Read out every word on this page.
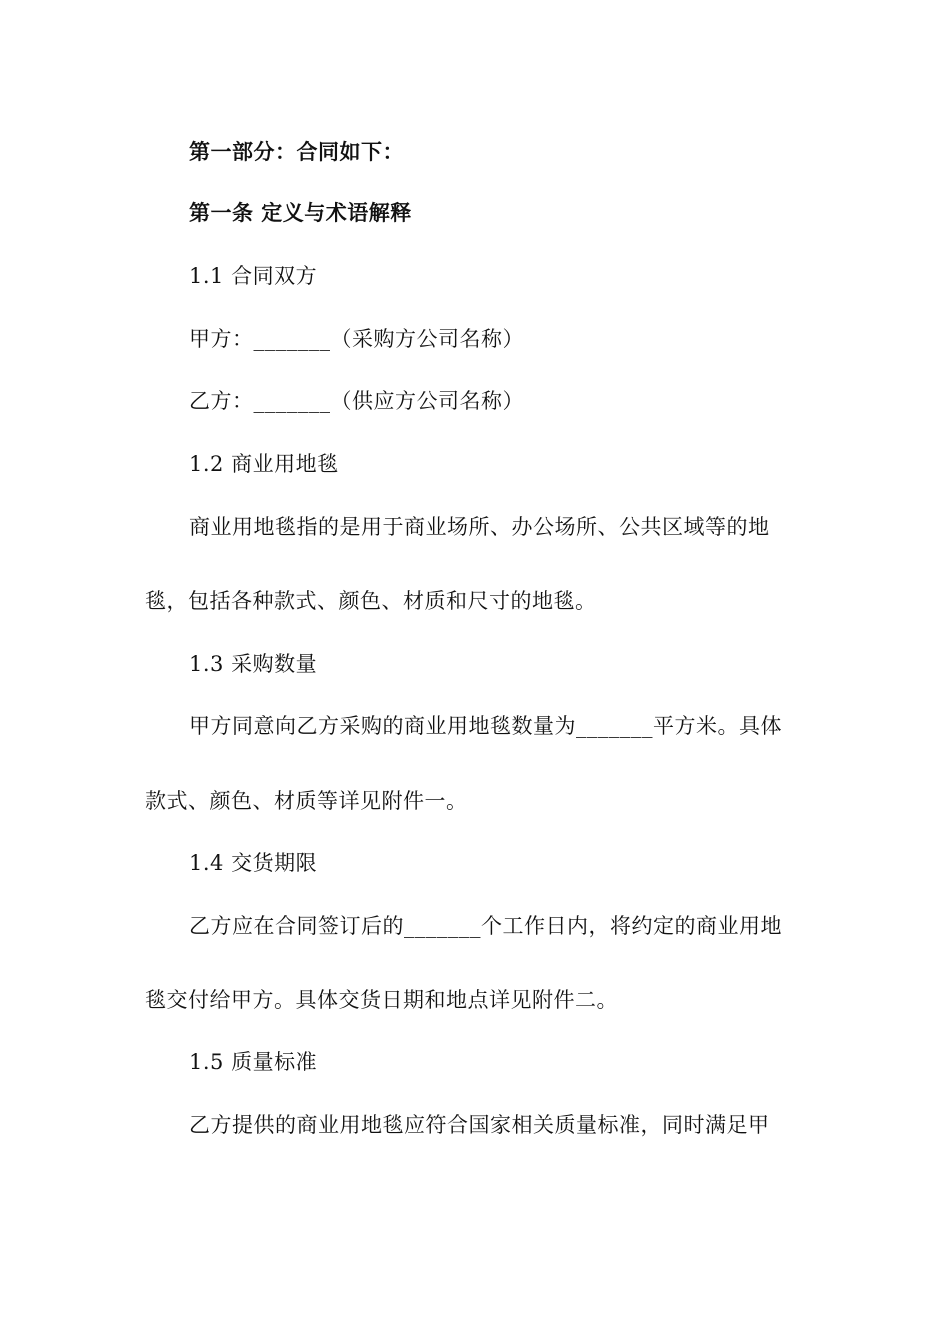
第一部分：合同如下：
第一条 定义与术语解释
1.1 合同双方
甲方：_______（采购方公司名称）
乙方：_______（供应方公司名称）
1.2 商业用地毯
商业用地毯指的是用于商业场所、办公场所、公共区域等的地
毯，包括各种款式、颜色、材质和尺寸的地毯。
1.3 采购数量
甲方同意向乙方采购的商业用地毯数量为_______平方米。具体
款式、颜色、材质等详见附件一。
1.4 交货期限
乙方应在合同签订后的_______个工作日内，将约定的商业用地
毯交付给甲方。具体交货日期和地点详见附件二。
1.5 质量标准
乙方提供的商业用地毯应符合国家相关质量标准，同时满足甲
